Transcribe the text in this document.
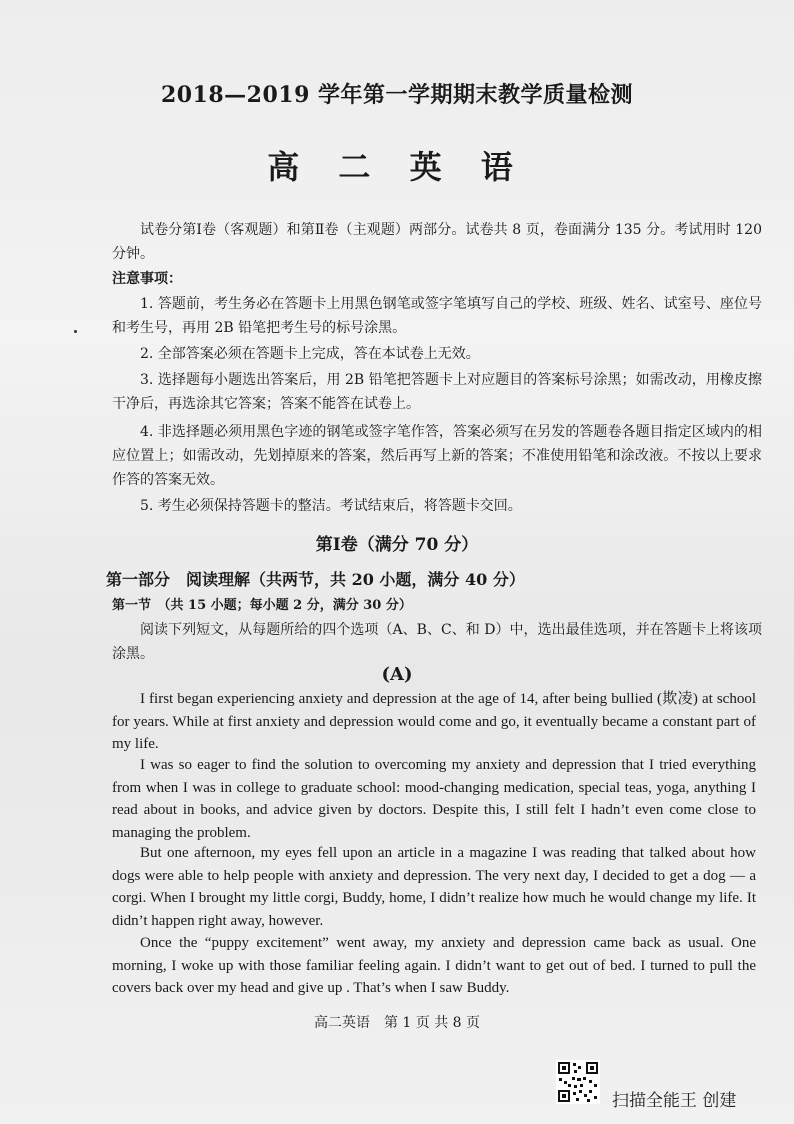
2018—2019 学年第一学期期末教学质量检测
高 二 英 语
试卷分第Ⅰ卷（客观题）和第Ⅱ卷（主观题）两部分。试卷共 8 页，卷面满分 135 分。考试用时 120 分钟。
注意事项：
1. 答题前，考生务必在答题卡上用黑色钢笔或签字笔填写自己的学校、班级、姓名、试室号、座位号和考生号，再用 2B 铅笔把考生号的标号涂黑。
2. 全部答案必须在答题卡上完成，答在本试卷上无效。
3. 选择题每小题选出答案后，用 2B 铅笔把答题卡上对应题目的答案标号涂黑；如需改动，用橡皮擦干净后，再选涂其它答案；答案不能答在试卷上。
4. 非选择题必须用黑色字迹的钢笔或签字笔作答，答案必须写在另发的答题卷各题目指定区域内的相应位置上；如需改动，先划掉原来的答案，然后再写上新的答案；不准使用铅笔和涂改液。不按以上要求作答的答案无效。
5. 考生必须保持答题卡的整洁。考试结束后，将答题卡交回。
第Ⅰ卷（满分 70 分）
第一部分　阅读理解（共两节，共 20 小题，满分 40 分）
第一节　（共 15 小题；每小题 2 分，满分 30 分）
阅读下列短文，从每题所给的四个选项（A、B、C、和 D）中，选出最佳选项，并在答题卡上将该项涂黑。
(A)
I first began experiencing anxiety and depression at the age of 14, after being bullied (欺凌) at school for years. While at first anxiety and depression would come and go, it eventually became a constant part of my life.
I was so eager to find the solution to overcoming my anxiety and depression that I tried everything from when I was in college to graduate school: mood-changing medication, special teas, yoga, anything I read about in books, and advice given by doctors. Despite this, I still felt I hadn’t even come close to managing the problem.
But one afternoon, my eyes fell upon an article in a magazine I was reading that talked about how dogs were able to help people with anxiety and depression. The very next day, I decided to get a dog — a corgi. When I brought my little corgi, Buddy, home, I didn’t realize how much he would change my life. It didn’t happen right away, however.
Once the “puppy excitement” went away, my anxiety and depression came back as usual. One morning, I woke up with those familiar feeling again. I didn’t want to get out of bed. I turned to pull the covers back over my head and give up . That’s when I saw Buddy.
高二英语　第 1 页 共 8 页
扫描全能王 创建
